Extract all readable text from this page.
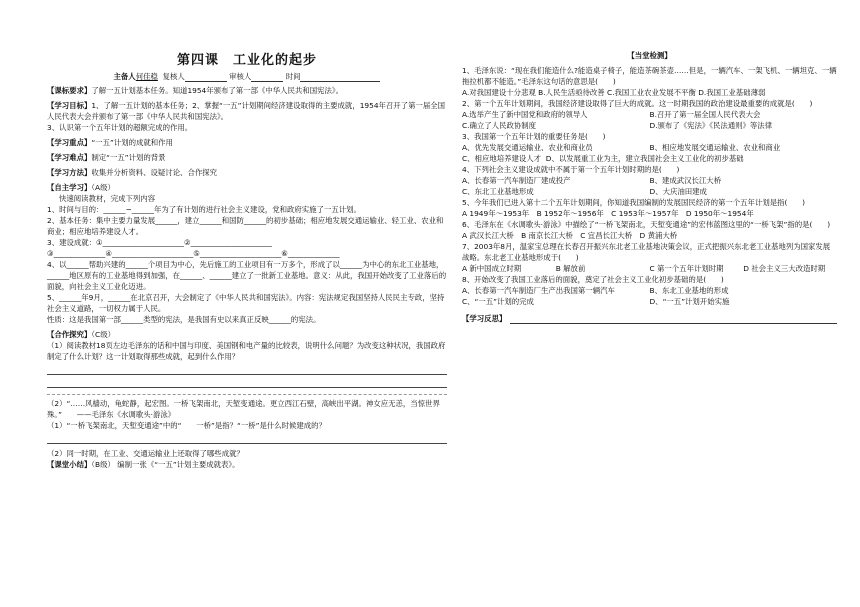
第四课　工业化的起步
主备人何佳稳 复核人	审核人	时间

【课标要求】了解一五计划基本任务。知道1954年颁布了第一部《中华人民共和国宪法》。

【学习目标】1、了解一五计划的基本任务；2、掌握“一五”计划期间经济建设取得的主要成就，1954年召开了第一届全国人民代表大会并颁布了第一部《中华人民共和国宪法》。

3、认识第一个五年计划的超额完成的作用。

【学习重点】“一五”计划的成就和作用

【学习难点】制定“一五”计划的背景

【学习方法】收集并分析资料、设疑讨论、合作探究

【自主学习】（A级）

快速阅读教材，完成下列内容

1、时间与目的：______~______年为了有计划的进行社会主义建设，党和政府实施了一五计划。

2、基本任务：集中主要力量发展______，建立______和国防______的初步基础；相应地发展交通运输业、轻工业、农业和商业；相应地培养建设人才。

3、建设成就：①______________________②______________________

③______________④______________________⑤______________________⑥______________

4、以______帮助兴建的______个项目为中心，先后施工的工业项目有一万多个，形成了以______为中心的东北工业基地，______地区原有的工业基地得到加强，在______、______建立了一批新工业基地。意义：从此，我国开始改变了工业落后的面貌，向社会主义工业化迈进。

5、______年9月，______在北京召开，大会制定了《中华人民共和国宪法》。内容：宪法规定我国坚持人民民主专政，坚持社会主义道路，一切权力属于人民。

性质：这是我国第一部______类型的宪法，是我国有史以来真正反映______的宪法。

【合作探究】（C级）

（1）阅读教材18页左边毛泽东的话和中国与印度、美国钢和电产量的比较表，说明什么问题？为改变这种状况，我国政府制定了什么计划？这一计划取得那些成就，起到什么作用？

（2）“……风樯动，龟蛇静，起宏图。一桥飞架南北，天堑变通途。更立西江石壁，高峡出平湖。神女应无恙，当惊世界殊。”　　——毛泽东《水调歌头·游泳》

（1）“一桥飞架南北，天堑变通途”中的“　　一桥”是指？“一桥”是什么时候建成的？

（2）同一时期，在工业、交通运输业上还取得了哪些成就？

【课堂小结】（B级） 编制一张《“一五”计划主要成就表》。

【当堂检测】

1、毛泽东说：“现在我们能造什么?能造桌子椅子，能造茶碗茶壶……但是，一辆汽车、一架飞机、一辆坦克、一辆拖拉机都不能造。”毛泽东这句话的意思是(　　)

A.对我国建设十分悲观 B.人民生活亟待改善 C.我国工业农业发展不平衡 D.我国工业基础薄弱

2、第一个五年计划期间，我国经济建设取得了巨大的成就。这一时期我国的政治建设最重要的成就是(　　)

A.选举产生了新中国党和政府的领导人	B.召开了第一届全国人民代表大会
C.确立了人民政协制度	D.颁布了《宪法》《民法通则》等法律

3、我国第一个五年计划的重要任务是(　　)

A、优先发展交通运输业、农业和商业员	B、相应地发展交通运输业、农业和商业

C、相应地培养建设人才 D、以发展重工业为主，建立我国社会主义工业化的初步基础

4、下列社会主义建设成就中不属于第一个五年计划时期的是(　　)

A、长春第一汽车制造厂建成投产	B、建成武汉长江大桥
C、东北工业基地形成	D、大庆油田建成

5、今年我们已进入第十二个五年计划期间，你知道我国编制的发展国民经济的第一个五年计划是指(　　)

A 1949年～1953年　B 1952年～1956年　C 1953年～1957年　D 1950年～1954年

6、毛泽东在《水调歌头·游泳》中描绘了“一桥飞架南北，天堑变通途”的宏伟蓝图这里的“一桥飞架”指的是(　　)

A 武汉长江大桥　B 南京长江大桥　C 宜昌长江大桥　D 黄浦大桥

7、2003年8月，温家宝总理在长春召开振兴东北老工业基地决策会议，正式把振兴东北老工业基地列为国家发展战略。东北老工业基地形成于(　　)

A 新中国成立时期	B 解放前	C 第一个五年计划时期	D 社会主义三大改造时期

8、开始改变了我国工业落后的面貌，奠定了社会主义工业化初步基础的是(　　)

A、长春第一汽车制造厂生产出我国第一辆汽车	B、东北工业基地的形成
C、“一五”计划的完成	D、“一五”计划开始实施
【学习反思】
